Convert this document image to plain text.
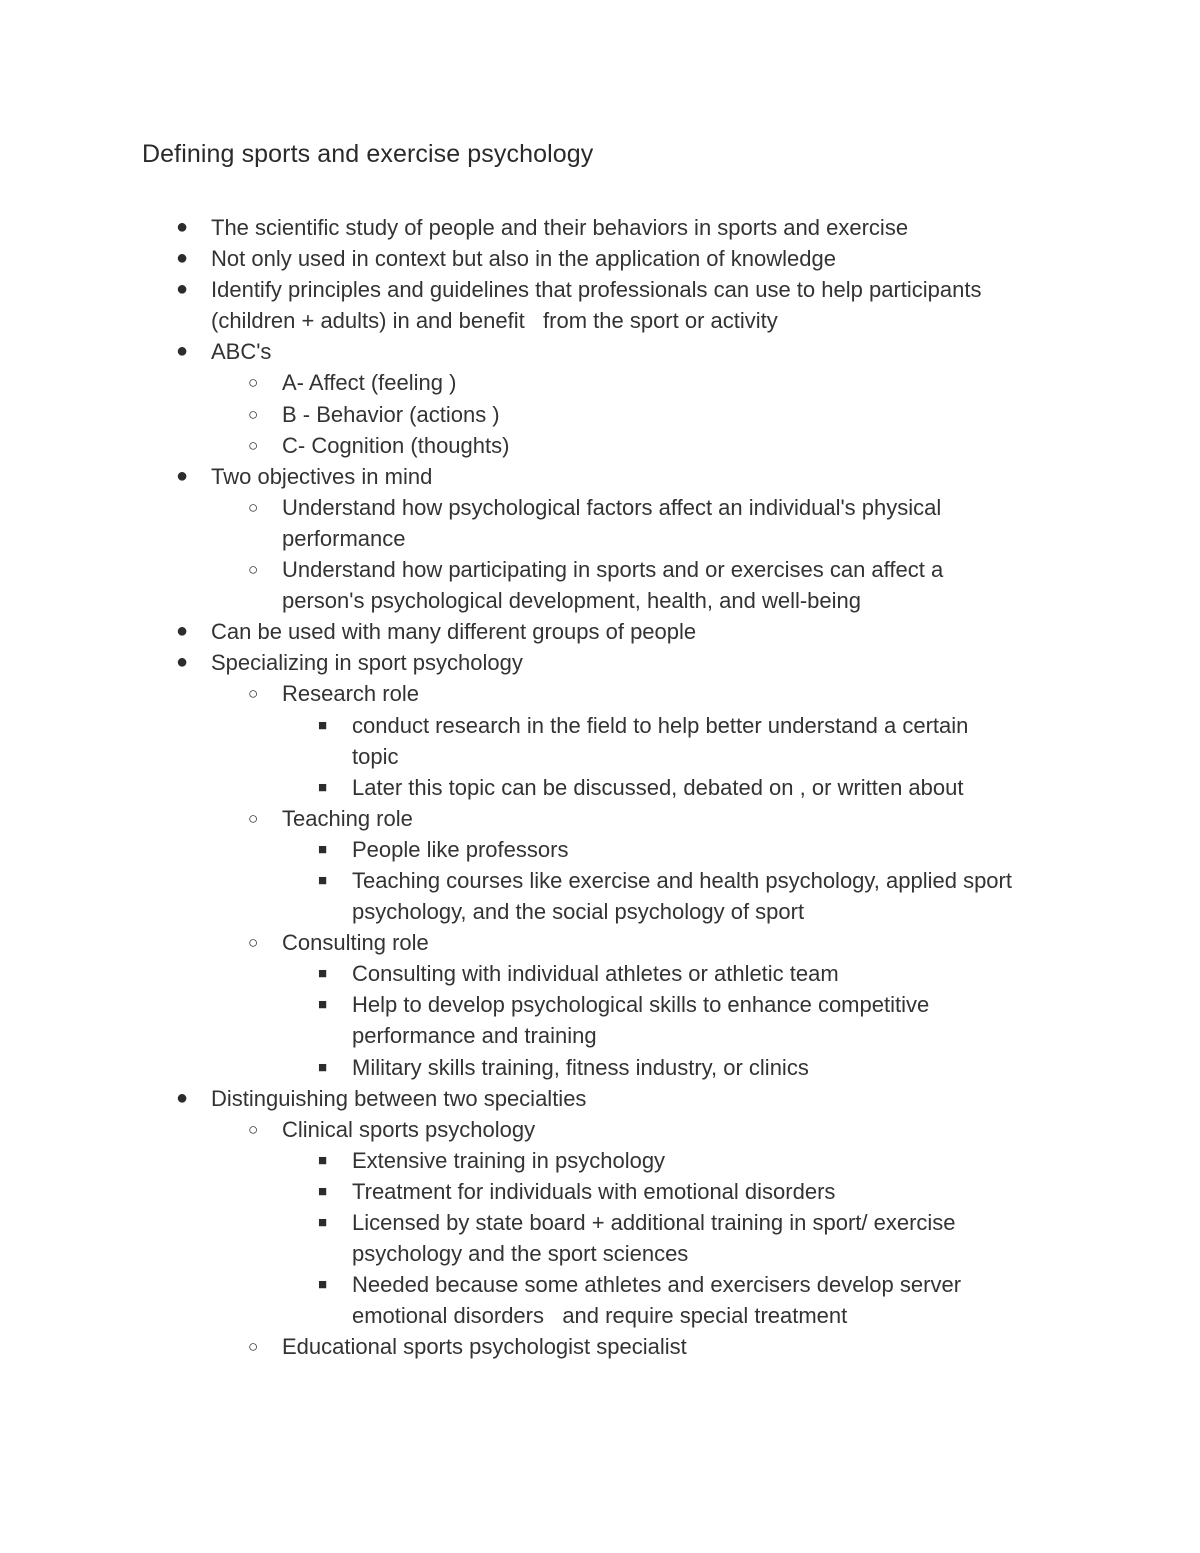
Defining sports and exercise psychology
● The scientific study of people and their behaviors in sports and exercise
● Not only used in context but also in the application of knowledge
● Identify principles and guidelines that professionals can use to help participants
(children + adults) in and benefit   from the sport or activity
● ABC's
○ A- Affect (feeling )
○ B - Behavior (actions )
○ C- Cognition (thoughts)
● Two objectives in mind
○ Understand how psychological factors affect an individual's physical
performance
○ Understand how participating in sports and or exercises can affect a
person's psychological development, health, and well-being
● Can be used with many different groups of people
● Specializing in sport psychology
○ Research role
■ conduct research in the field to help better understand a certain
topic
■ Later this topic can be discussed, debated on , or written about
○ Teaching role
■ People like professors
■ Teaching courses like exercise and health psychology, applied sport
psychology, and the social psychology of sport
○ Consulting role
■ Consulting with individual athletes or athletic team
■ Help to develop psychological skills to enhance competitive
performance and training
■ Military skills training, fitness industry, or clinics
● Distinguishing between two specialties
○ Clinical sports psychology
■ Extensive training in psychology
■ Treatment for individuals with emotional disorders
■ Licensed by state board + additional training in sport/ exercise
psychology and the sport sciences
■ Needed because some athletes and exercisers develop server
emotional disorders   and require special treatment
○ Educational sports psychologist specialist
